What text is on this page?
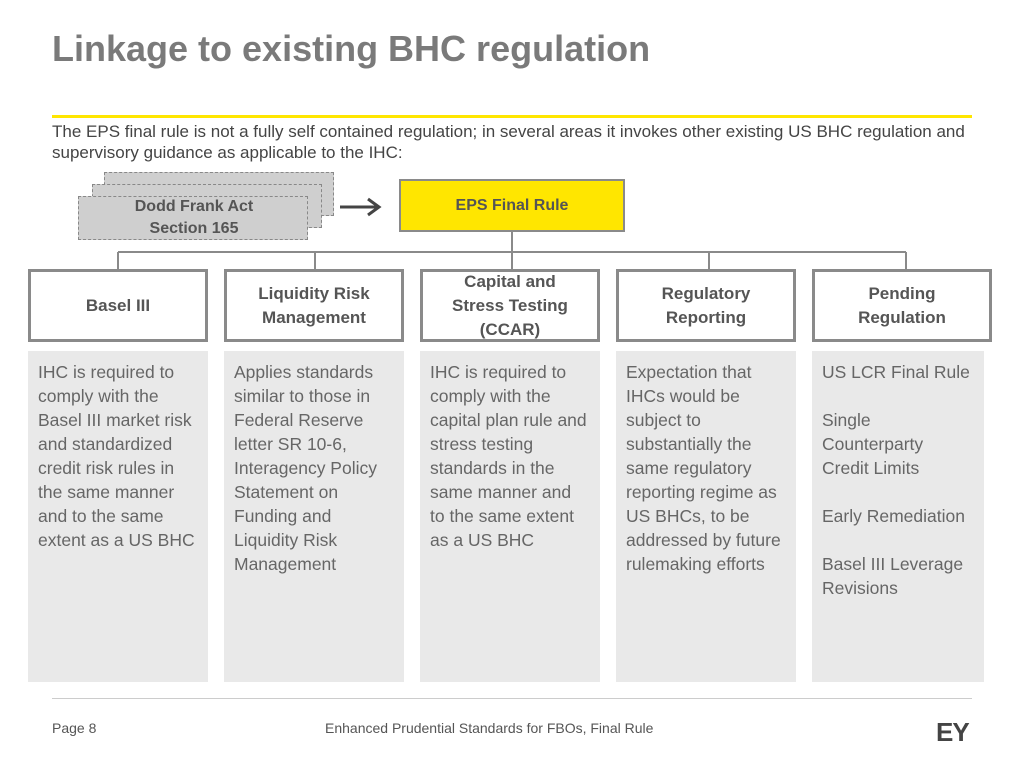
Linkage to existing BHC regulation
The EPS final rule is not a fully self contained regulation; in several areas it invokes other existing US BHC regulation and supervisory guidance as applicable to the IHC:
Dodd Frank Act
Section 165
EPS Final Rule
Basel III

IHC is required to comply with the Basel III market risk and standardized credit risk rules in the same manner and to the same extent as a US BHC

Liquidity Risk
Management

Applies standards similar to those in Federal Reserve letter SR 10-6, Interagency Policy Statement on Funding and Liquidity Risk Management

Capital and
Stress Testing
(CCAR)

IHC is required to comply with the capital plan rule and stress testing standards in the same manner and to the same extent as a US BHC

Regulatory
Reporting

Expectation that IHCs would be subject to substantially the same regulatory reporting regime as US BHCs, to be addressed by future rulemaking efforts

Pending
Regulation

US LCR Final Rule

Single Counterparty Credit Limits

Early Remediation

Basel III Leverage Revisions

Page 8	Enhanced Prudential Standards for FBOs, Final Rule	EY
